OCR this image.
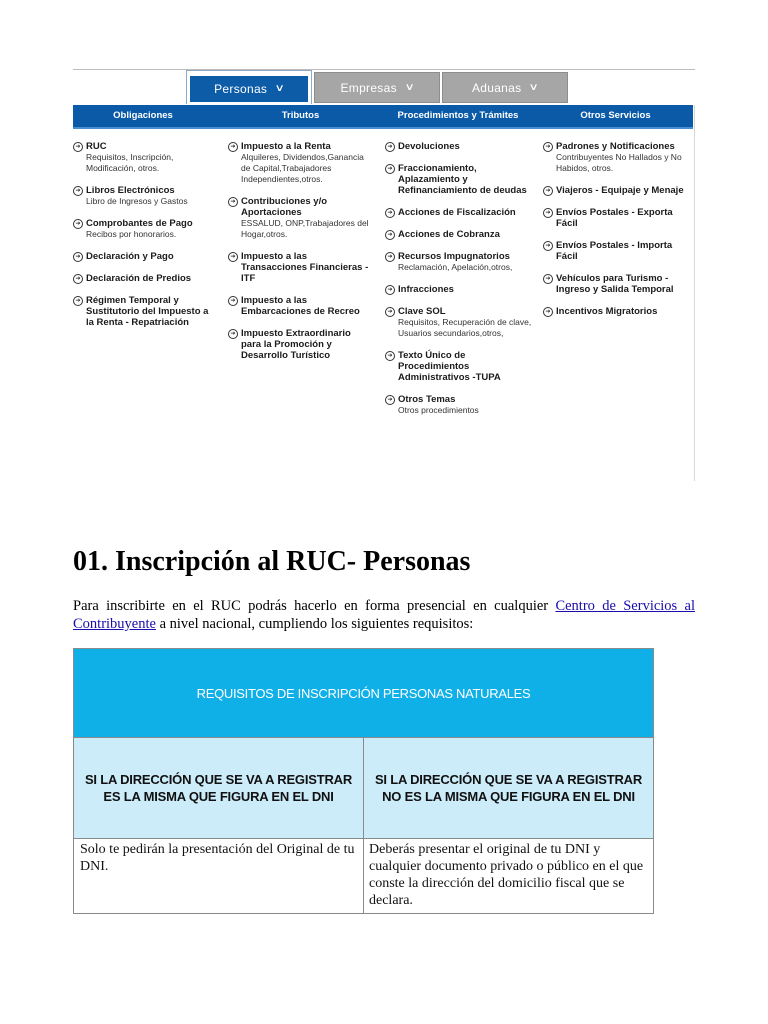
Personas ∨	Empresas ∨	Aduanas ∨
Obligaciones	Tributos	Procedimientos y Trámites	Otros Servicios
➔ RUC
Requisitos, Inscripción, Modificación, otros.
➔ Libros Electrónicos
Libro de Ingresos y Gastos
➔ Comprobantes de Pago
Recibos por honorarios.
➔ Declaración y Pago
➔ Declaración de Predios
➔ Régimen Temporal y Sustitutorio del Impuesto a la Renta - Repatriación
➔ Impuesto a la Renta
Alquileres, Dividendos,Ganancia de Capital,Trabajadores Independientes,otros.
➔ Contribuciones y/o Aportaciones
ESSALUD, ONP,Trabajadores del Hogar,otros.
➔ Impuesto a las Transacciones Financieras - ITF
➔ Impuesto a las Embarcaciones de Recreo
➔ Impuesto Extraordinario para la Promoción y Desarrollo Turístico
➔ Devoluciones
➔ Fraccionamiento, Aplazamiento y Refinanciamiento de deudas
➔ Acciones de Fiscalización
➔ Acciones de Cobranza
➔ Recursos Impugnatorios
Reclamación, Apelación,otros,
➔ Infracciones
➔ Clave SOL
Requisitos, Recuperación de clave, Usuarios secundarios,otros,
➔ Texto Único de Procedimientos Administrativos -TUPA
➔ Otros Temas
Otros procedimientos
➔ Padrones y Notificaciones
Contribuyentes No Hallados y No Habidos, otros.
➔ Viajeros - Equipaje y Menaje
➔ Envíos Postales - Exporta Fácil
➔ Envíos Postales - Importa Fácil
➔ Vehículos para Turismo - Ingreso y Salida Temporal
➔ Incentivos Migratorios
01. Inscripción al RUC- Personas

Para inscribirte en el RUC podrás hacerlo en forma presencial en cualquier Centro de Servicios al Contribuyente a nivel nacional, cumpliendo los siguientes requisitos:

REQUISITOS DE INSCRIPCIÓN PERSONAS NATURALES	
SI LA DIRECCIÓN QUE SE VA A REGISTRAR ES LA MISMA QUE FIGURA EN EL DNI	SI LA DIRECCIÓN QUE SE VA A REGISTRAR NO ES LA MISMA QUE FIGURA EN EL DNI
Solo te pedirán la presentación del Original de tu DNI.	Deberás presentar el original de tu DNI y cualquier documento privado o público en el que conste la dirección del domicilio fiscal que se declara.
